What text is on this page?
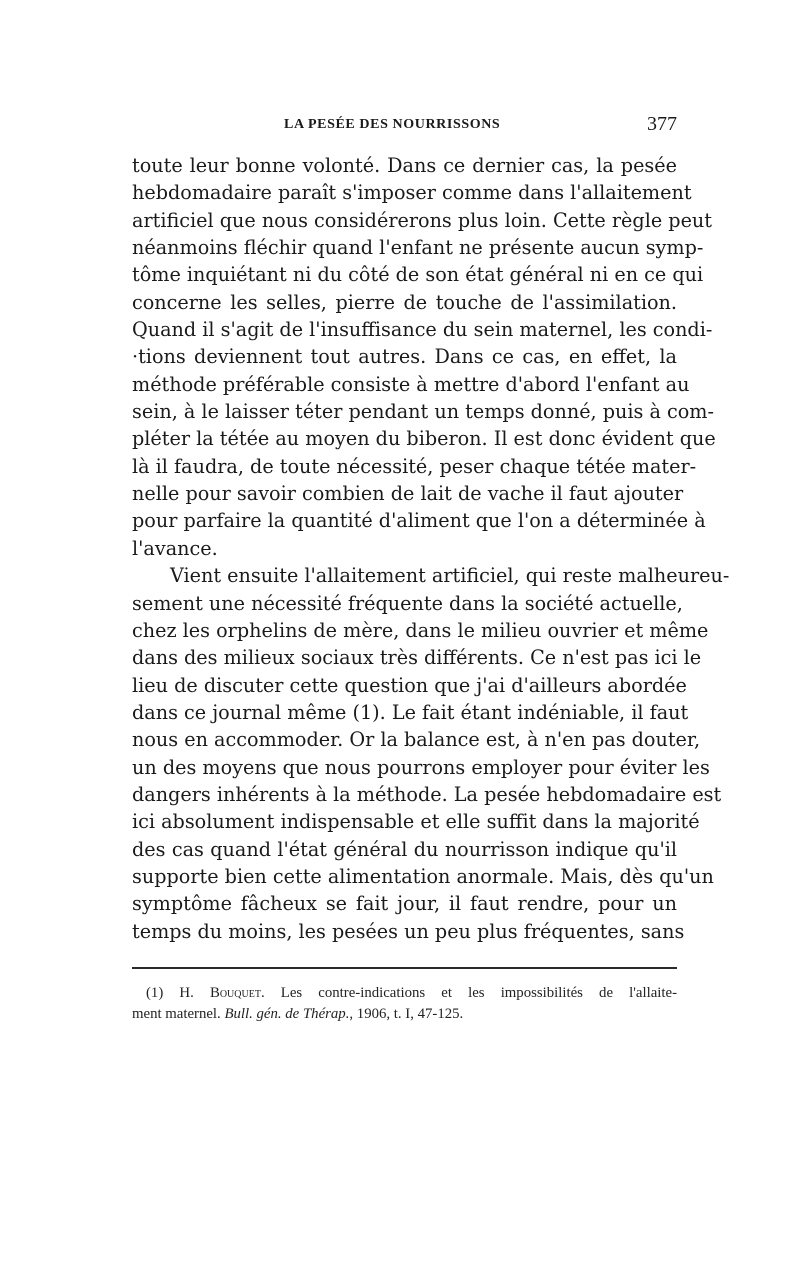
LA PESÉE DES NOURRISSONS	377
toute leur bonne volonté. Dans ce dernier cas, la pesée
hebdomadaire paraît s'imposer comme dans l'allaitement
artificiel que nous considérerons plus loin. Cette règle peut
néanmoins fléchir quand l'enfant ne présente aucun symp-
tôme inquiétant ni du côté de son état général ni en ce qui
concerne les selles, pierre de touche de l'assimilation.
Quand il s'agit de l'insuffisance du sein maternel, les condi-
·tions deviennent tout autres. Dans ce cas, en effet, la
méthode préférable consiste à mettre d'abord l'enfant au
sein, à le laisser téter pendant un temps donné, puis à com-
pléter la tétée au moyen du biberon. Il est donc évident que
là il faudra, de toute nécessité, peser chaque tétée mater-
nelle pour savoir combien de lait de vache il faut ajouter
pour parfaire la quantité d'aliment que l'on a déterminée à
l'avance.
Vient ensuite l'allaitement artificiel, qui reste malheureu-
sement une nécessité fréquente dans la société actuelle,
chez les orphelins de mère, dans le milieu ouvrier et même
dans des milieux sociaux très différents. Ce n'est pas ici le
lieu de discuter cette question que j'ai d'ailleurs abordée
dans ce journal même (1). Le fait étant indéniable, il faut
nous en accommoder. Or la balance est, à n'en pas douter,
un des moyens que nous pourrons employer pour éviter les
dangers inhérents à la méthode. La pesée hebdomadaire est
ici absolument indispensable et elle suffit dans la majorité
des cas quand l'état général du nourrisson indique qu'il
supporte bien cette alimentation anormale. Mais, dès qu'un
symptôme fâcheux se fait jour, il faut rendre, pour un
temps du moins, les pesées un peu plus fréquentes, sans
(1) H. Bouquet. Les contre-indications et les impossibilités de l'allaite-
ment maternel. Bull. gén. de Thérap., 1906, t. I, 47-125.
